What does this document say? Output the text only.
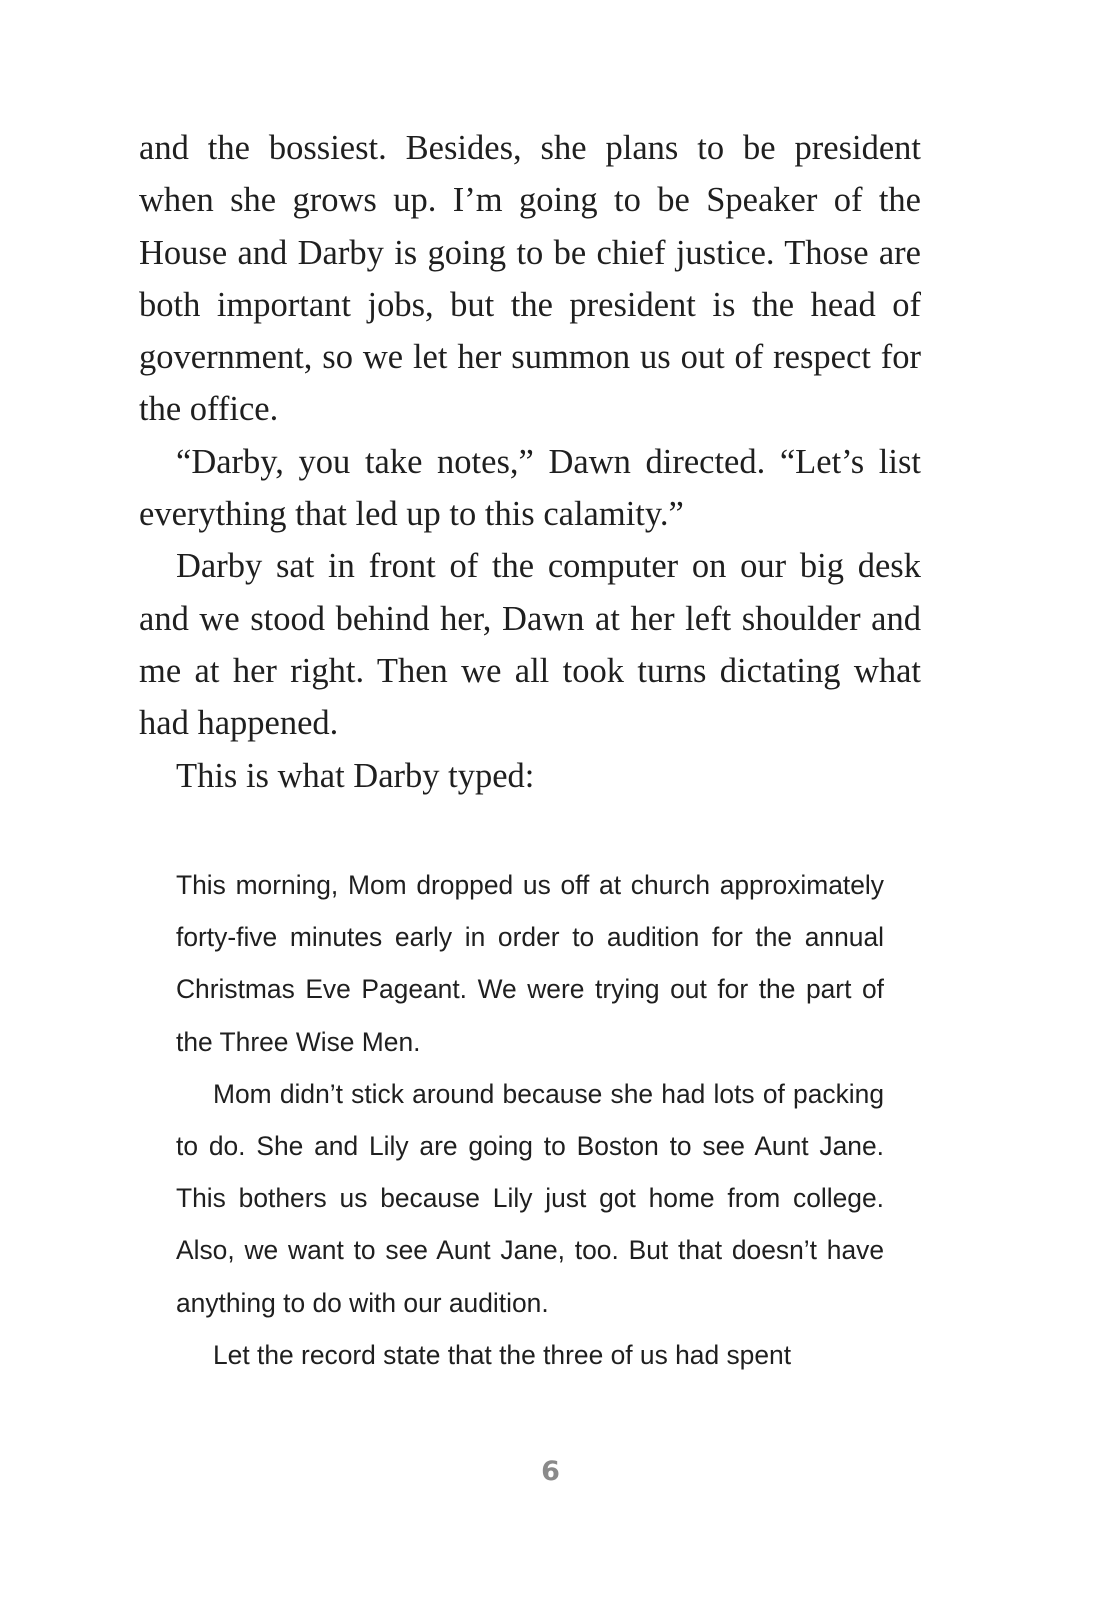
and the bossiest. Besides, she plans to be president when she grows up. I’m going to be Speaker of the House and Darby is going to be chief justice. Those are both important jobs, but the president is the head of government, so we let her summon us out of respect for the office.

“Darby, you take notes,” Dawn directed. “Let’s list everything that led up to this calamity.”

Darby sat in front of the computer on our big desk and we stood behind her, Dawn at her left shoulder and me at her right. Then we all took turns dictating what had happened.

This is what Darby typed:

This morning, Mom dropped us off at church approximately forty-five minutes early in order to audition for the annual Christmas Eve Pageant. We were trying out for the part of the Three Wise Men.

Mom didn’t stick around because she had lots of packing to do. She and Lily are going to Boston to see Aunt Jane. This bothers us because Lily just got home from college. Also, we want to see Aunt Jane, too. But that doesn’t have anything to do with our audition.

Let the record state that the three of us had spent

6
